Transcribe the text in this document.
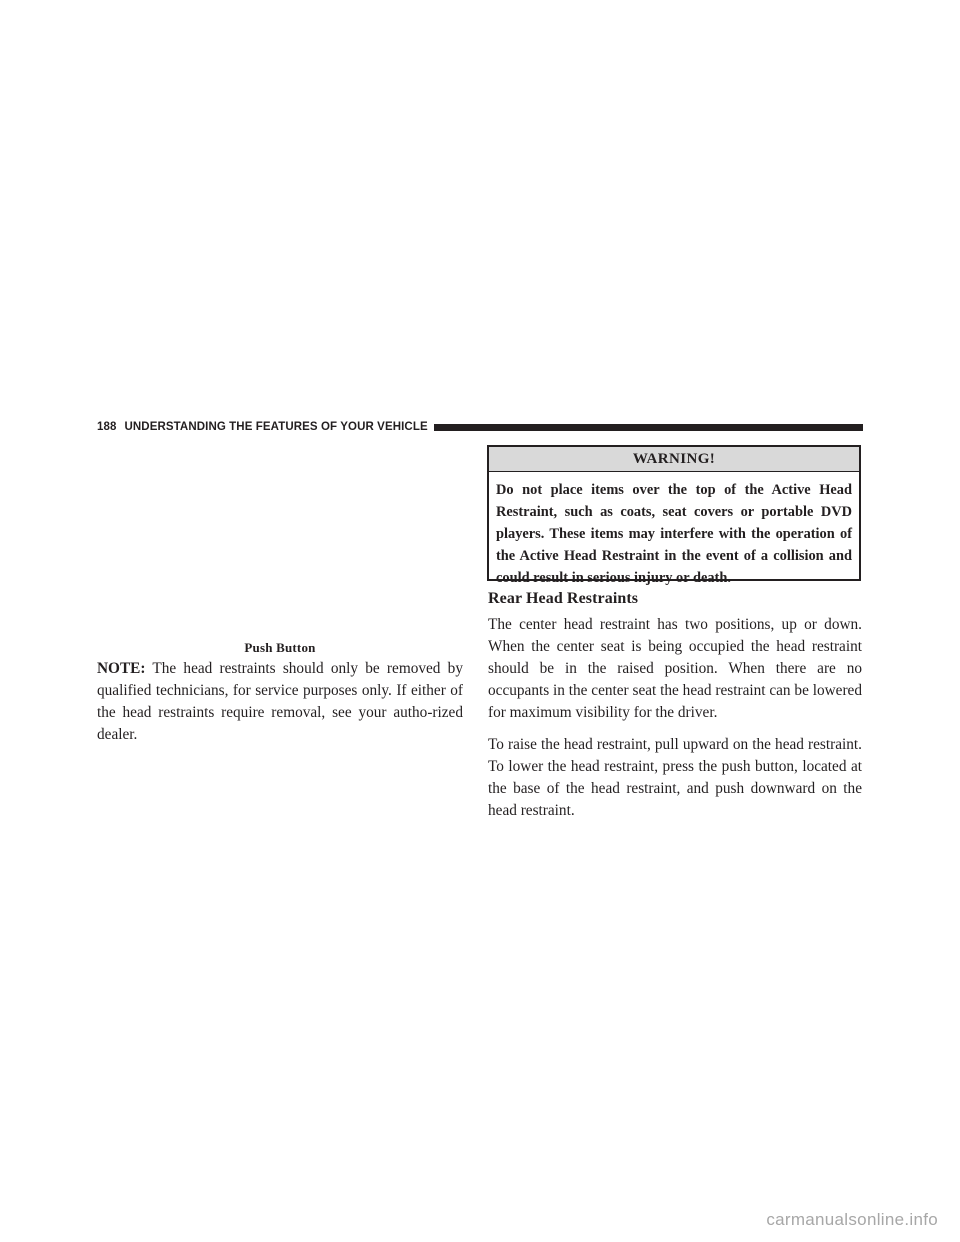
188 UNDERSTANDING THE FEATURES OF YOUR VEHICLE
Push Button

NOTE: The head restraints should only be removed by qualified technicians, for service purposes only. If either of the head restraints require removal, see your autho-rized dealer.

WARNING!
Do not place items over the top of the Active Head Restraint, such as coats, seat covers or portable DVD players. These items may interfere with the operation of the Active Head Restraint in the event of a collision and could result in serious injury or death.
Rear Head Restraints

The center head restraint has two positions, up or down. When the center seat is being occupied the head restraint should be in the raised position. When there are no occupants in the center seat the head restraint can be lowered for maximum visibility for the driver.

To raise the head restraint, pull upward on the head restraint. To lower the head restraint, press the push button, located at the base of the head restraint, and push downward on the head restraint.

carmanualsonline.info
